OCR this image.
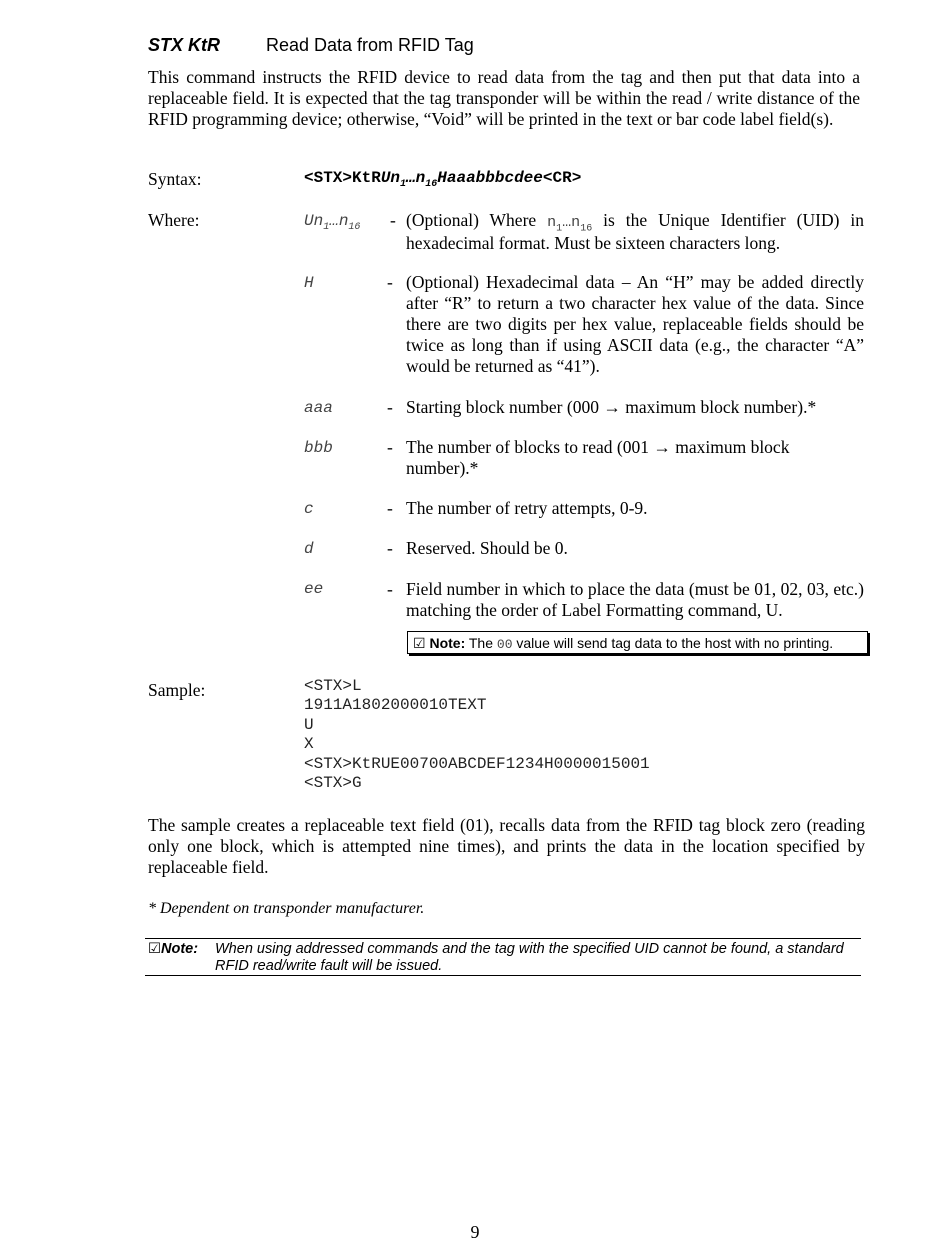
STX KtR	Read Data from RFID Tag
This command instructs the RFID device to read data from the tag and then put that data into a replaceable field. It is expected that the tag transponder will be within the read / write distance of the RFID programming device; otherwise, “Void” will be printed in the text or bar code label field(s).
Syntax:	$<STX>KtRUn_1\dots n_{16}Haaabbbcdee<CR>$
Where:	$Un_1\dots n_{16}$ - (Optional) Where $n_1\dots n_{16}$ is the Unique Identifier (UID) in hexadecimal format. Must be sixteen characters long.
H	- (Optional) Hexadecimal data – An “H” may be added directly after “R” to return a two character hex value of the data. Since there are two digits per hex value, replaceable fields should be twice as long than if using ASCII data (e.g., the character “A” would be returned as “41”).
aaa	- Starting block number (000 → maximum block number).*
bbb	- The number of blocks to read (001 → maximum block number).*
c	- The number of retry attempts, 0-9.
d	- Reserved. Should be 0.
ee	- Field number in which to place the data (must be 01, 02, 03, etc.) matching the order of Label Formatting command, U.
☑ Note: The 00 value will send tag data to the host with no printing.
Sample:	<STX>L
1911A1802000010TEXT
U
X
<STX>KtRUE00700ABCDEF1234H0000015001
<STX>G
The sample creates a replaceable text field (01), recalls data from the RFID tag block zero (reading only one block, which is attempted nine times), and prints the data in the location specified by replaceable field.
* Dependent on transponder manufacturer.
☑Note: When using addressed commands and the tag with the specified UID cannot be found, a standard RFID read/write fault will be issued.
9
